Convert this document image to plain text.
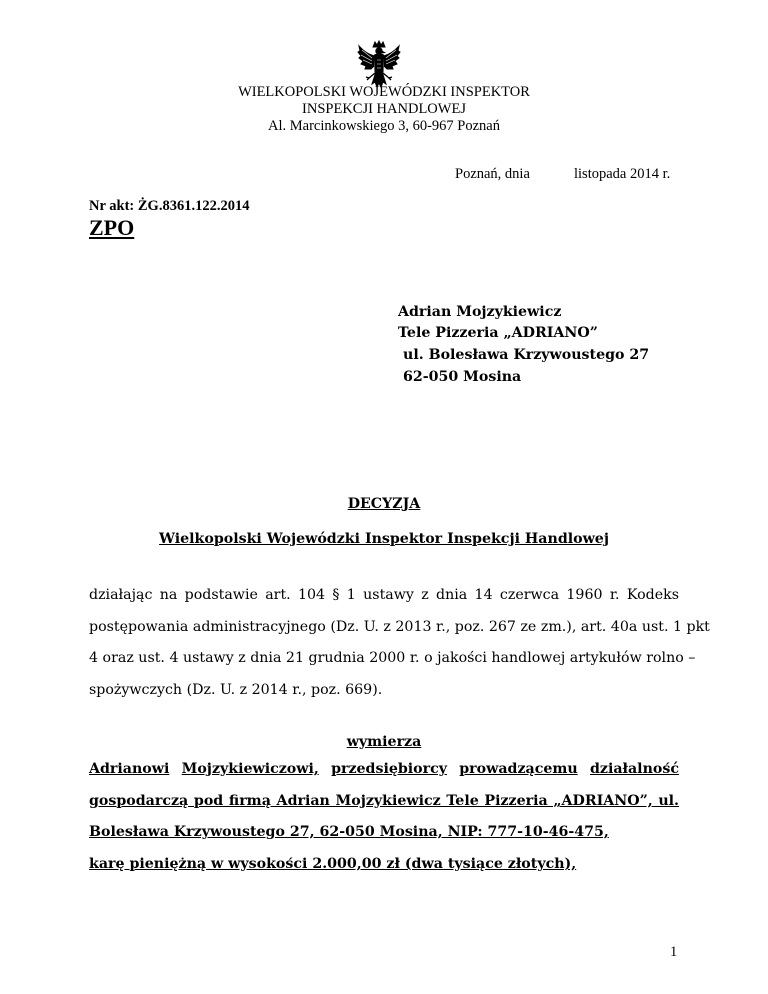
WIELKOPOLSKI WOJEWÓDZKI INSPEKTOR
INSPEKCJI HANDLOWEJ
Al. Marcinkowskiego 3, 60-967 Poznań
Poznań, dnia	listopada 2014 r.
Nr akt: ŻG.8361.122.2014
ZPO
Adrian Mojzykiewicz
Tele Pizzeria „ADRIANO”
ul. Bolesława Krzywoustego 27
62-050 Mosina
DECYZJA
Wielkopolski Wojewódzki Inspektor Inspekcji Handlowej
działając na podstawie art. 104 § 1 ustawy z dnia 14 czerwca 1960 r. Kodeks
postępowania administracyjnego (Dz. U. z 2013 r., poz. 267 ze zm.), art. 40a ust. 1 pkt
4 oraz ust. 4 ustawy z dnia 21 grudnia 2000 r. o jakości handlowej artykułów rolno –
spożywczych (Dz. U. z 2014 r., poz. 669).
wymierza
Adrianowi Mojzykiewiczowi, przedsiębiorcy prowadzącemu działalność
gospodarczą pod firmą Adrian Mojzykiewicz Tele Pizzeria „ADRIANO”, ul.
Bolesława Krzywoustego 27, 62-050 Mosina, NIP: 777-10-46-475,
karę pieniężną w wysokości 2.000,00 zł (dwa tysiące złotych),
1
